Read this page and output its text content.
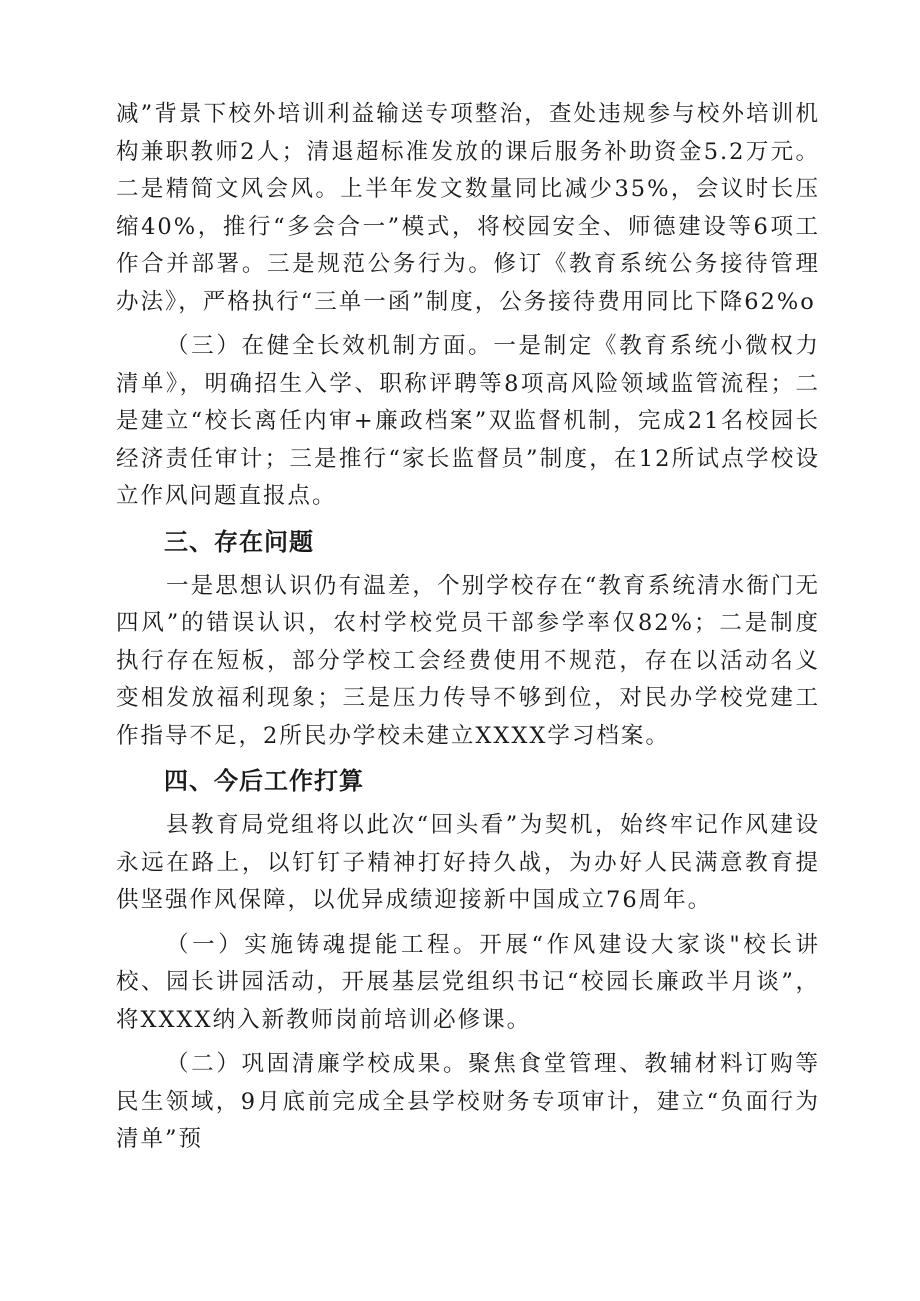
减”背景下校外培训利益输送专项整治，查处违规参与校外培训机构兼职教师2人；清退超标准发放的课后服务补助资金5.2万元。二是精简文风会风。上半年发文数量同比减少35%，会议时长压缩40%，推行“多会合一”模式，将校园安全、师德建设等6项工作合并部署。三是规范公务行为。修订《教育系统公务接待管理办法》，严格执行“三单一函”制度，公务接待费用同比下降62%o

（三）在健全长效机制方面。一是制定《教育系统小微权力清单》，明确招生入学、职称评聘等8项高风险领域监管流程；二是建立“校长离任内审+廉政档案”双监督机制，完成21名校园长经济责任审计；三是推行“家长监督员”制度，在12所试点学校设立作风问题直报点。

三、存在问题

一是思想认识仍有温差，个别学校存在“教育系统清水衙门无四风”的错误认识，农村学校党员干部参学率仅82%；二是制度执行存在短板，部分学校工会经费使用不规范，存在以活动名义变相发放福利现象；三是压力传导不够到位，对民办学校党建工作指导不足，2所民办学校未建立XXXX学习档案。

四、今后工作打算

县教育局党组将以此次“回头看”为契机，始终牢记作风建设永远在路上，以钉钉子精神打好持久战，为办好人民满意教育提供坚强作风保障，以优异成绩迎接新中国成立76周年。

（一）实施铸魂提能工程。开展“作风建设大家谈"校长讲校、园长讲园活动，开展基层党组织书记“校园长廉政半月谈”，将XXXX纳入新教师岗前培训必修课。

（二）巩固清廉学校成果。聚焦食堂管理、教辅材料订购等民生领域，9月底前完成全县学校财务专项审计，建立“负面行为清单”预
